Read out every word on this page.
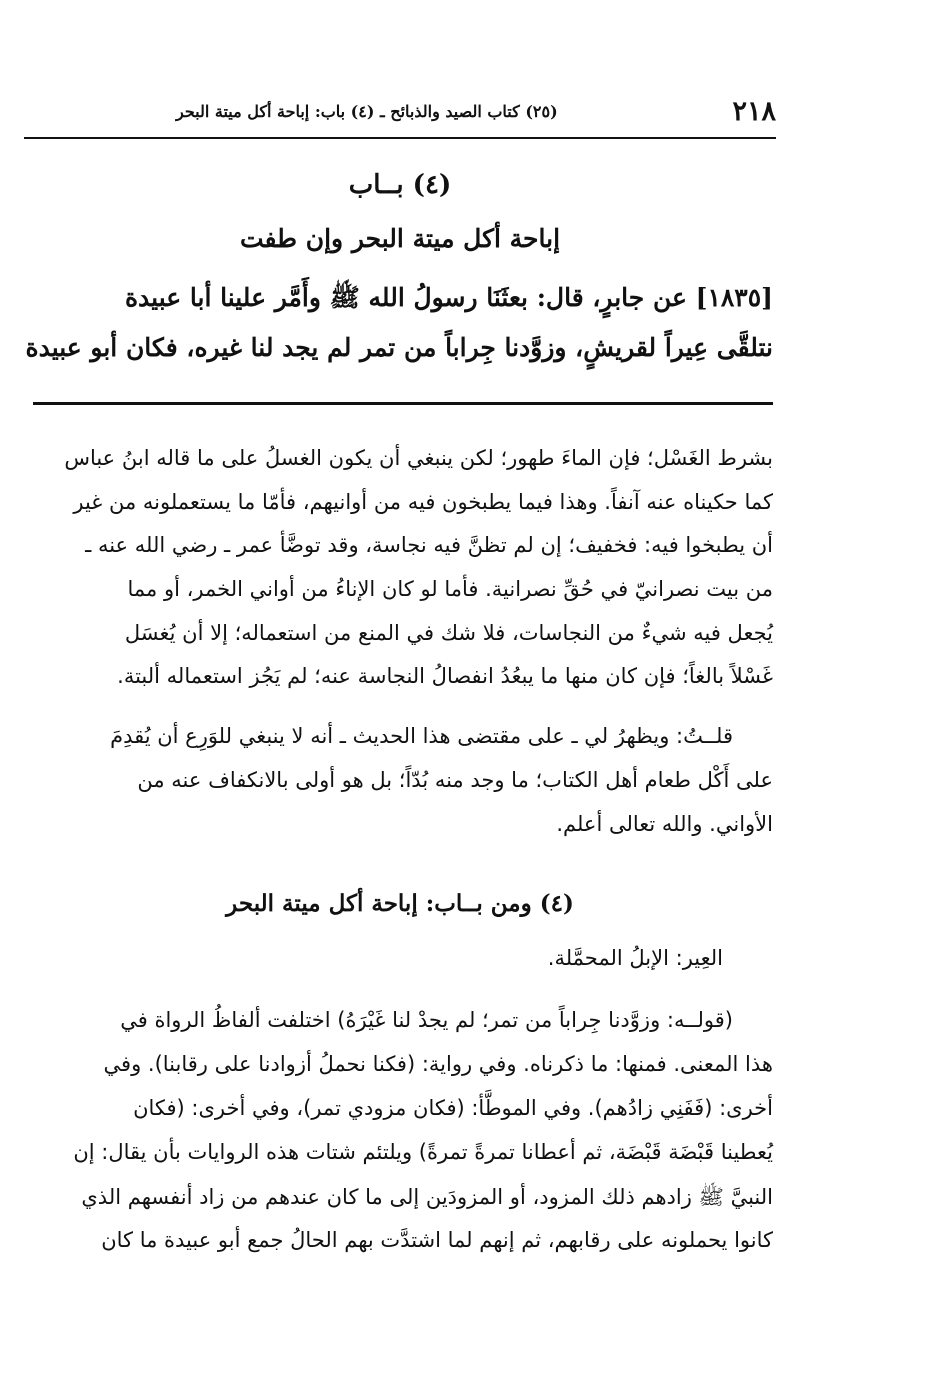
٢١٨
(٢٥) كتاب الصيد والذبائح ـ (٤) باب: إباحة أكل ميتة البحر
(٤) بــاب
إباحة أكل ميتة البحر وإن طفت
[١٨٣٥] عن جابرٍ، قال: بعثَنَا رسولُ الله ﷺ وأَمَّر علينا أبا عبيدة
نتلقَّى عِيراً لقريشٍ، وزوَّدنا جِراباً من تمر لم يجد لنا غيره، فكان أبو عبيدة
بشرط الغَسْل؛ فإن الماءَ طهور؛ لكن ينبغي أن يكون الغسلُ على ما قاله ابنُ عباس
كما حكيناه عنه آنفاً. وهذا فيما يطبخون فيه من أوانيهم، فأمّا ما يستعملونه من غير
أن يطبخوا فيه: فخفيف؛ إن لم تظنَّ فيه نجاسة، وقد توضَّأ عمر ـ رضي الله عنه ـ
من بيت نصرانيّ في حُقِّ نصرانية. فأما لو كان الإناءُ من أواني الخمر، أو مما
يُجعل فيه شيءٌ من النجاسات، فلا شك في المنع من استعماله؛ إلا أن يُغسَل
غَسْلاً بالغاً؛ فإن كان منها ما يبعُدُ انفصالُ النجاسة عنه؛ لم يَجُز استعماله ألبتة.
قلــتُ: ويظهرُ لي ـ على مقتضى هذا الحديث ـ أنه لا ينبغي للوَرِع أن يُقدِمَ
على أَكْل طعام أهل الكتاب؛ ما وجد منه بُدّاً؛ بل هو أولى بالانكفاف عنه من
الأواني. والله تعالى أعلم.
(٤) ومن بــاب: إباحة أكل ميتة البحر
العِير: الإبلُ المحمَّلة.
(قولــه: وزوَّدنا جِراباً من تمر؛ لم يجدْ لنا غَيْرَهُ) اختلفت ألفاظُ الرواة في
هذا المعنى. فمنها: ما ذكرناه. وفي رواية: (فكنا نحملُ أزوادنا على رقابنا). وفي
أخرى: (فَفَنِي زادُهم). وفي الموطَّأ: (فكان مزودي تمر)، وفي أخرى: (فكان
يُعطينا قَبْضَة قَبْضَة، ثم أعطانا تمرةً تمرةً) ويلتئم شتات هذه الروايات بأن يقال: إن
النبيَّ ﷺ زادهم ذلك المزود، أو المزودَين إلى ما كان عندهم من زاد أنفسهم الذي
كانوا يحملونه على رقابهم، ثم إنهم لما اشتدَّت بهم الحالُ جمع أبو عبيدة ما كان
